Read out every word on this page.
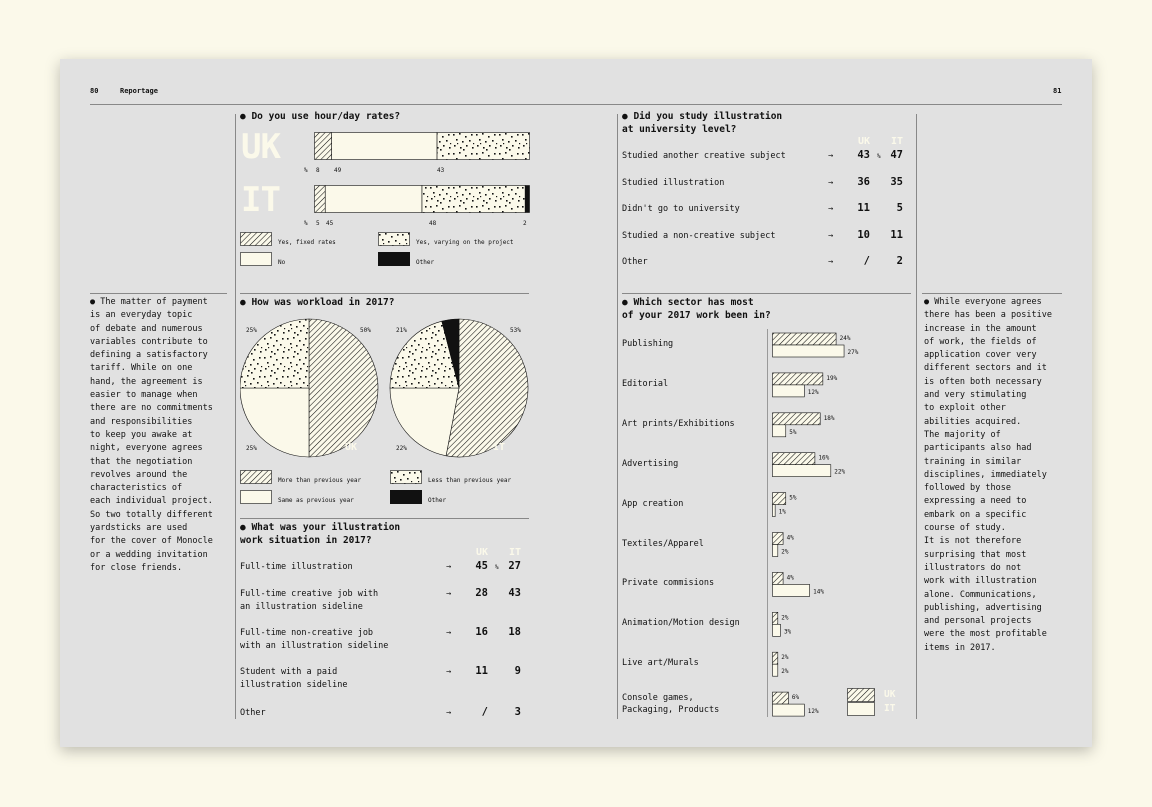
80	Reportage	81
● The matter of payment
is an everyday topic
of debate and numerous
variables contribute to
defining a satisfactory
tariff. While on one
hand, the agreement is
easier to manage when
there are no commitments
and responsibilities
to keep you awake at
night, everyone agrees
that the negotiation
revolves around the
characteristics of
each individual project.
So two totally different
yardsticks are used
for the cover of Monocle
or a wedding invitation
for close friends.
● Do you use hour/day rates?
UK
IT
% 8 49	43
% 5 45	48	2
Yes, fixed rates
No
Yes, varying on the project
Other
● How was workload in 2017?
UK	IT
25%	50%
25%
21%	53%
22%
More than previous year
Same as previous year
Less than previous year
Other
● What was your illustration
work situation in 2017?
UK	IT
%
Full-time illustration	→	45	27
Full-time creative job with
an illustration sideline
→	28	43
Full-time non-creative job
with an illustration sideline
→	16	18
Student with a paid
illustration sideline
→	11	9
Other	→	/	3
● Did you study illustration
at university level?
UK	IT
%
Studied another creative subject	→	43	47
Studied illustration	→	36	35
Didn't go to university	→	11	5
Studied a non-creative subject	→	10	11
Other	→	/	2
● Which sector has most
of your 2017 work been in?
Publishing
Editorial
Art prints/Exhibitions
Advertising
App creation
Textiles/Apparel
Private commisions
Animation/Motion design
Live art/Murals
Console games,
Packaging, Products
24%
27%
19%
12%
18%
5%
16%
22%
5%
1%
4%
2%
4%
14%
2%
3%
2%
2%
6%
12%
UK
IT
● While everyone agrees
there has been a positive
increase in the amount
of work, the fields of
application cover very
different sectors and it
is often both necessary
and very stimulating
to exploit other
abilities acquired.
The majority of
participants also had
training in similar
disciplines, immediately
followed by those
expressing a need to
embark on a specific
course of study.
It is not therefore
surprising that most
illustrators do not
work with illustration
alone. Communications,
publishing, advertising
and personal projects
were the most profitable
items in 2017.
